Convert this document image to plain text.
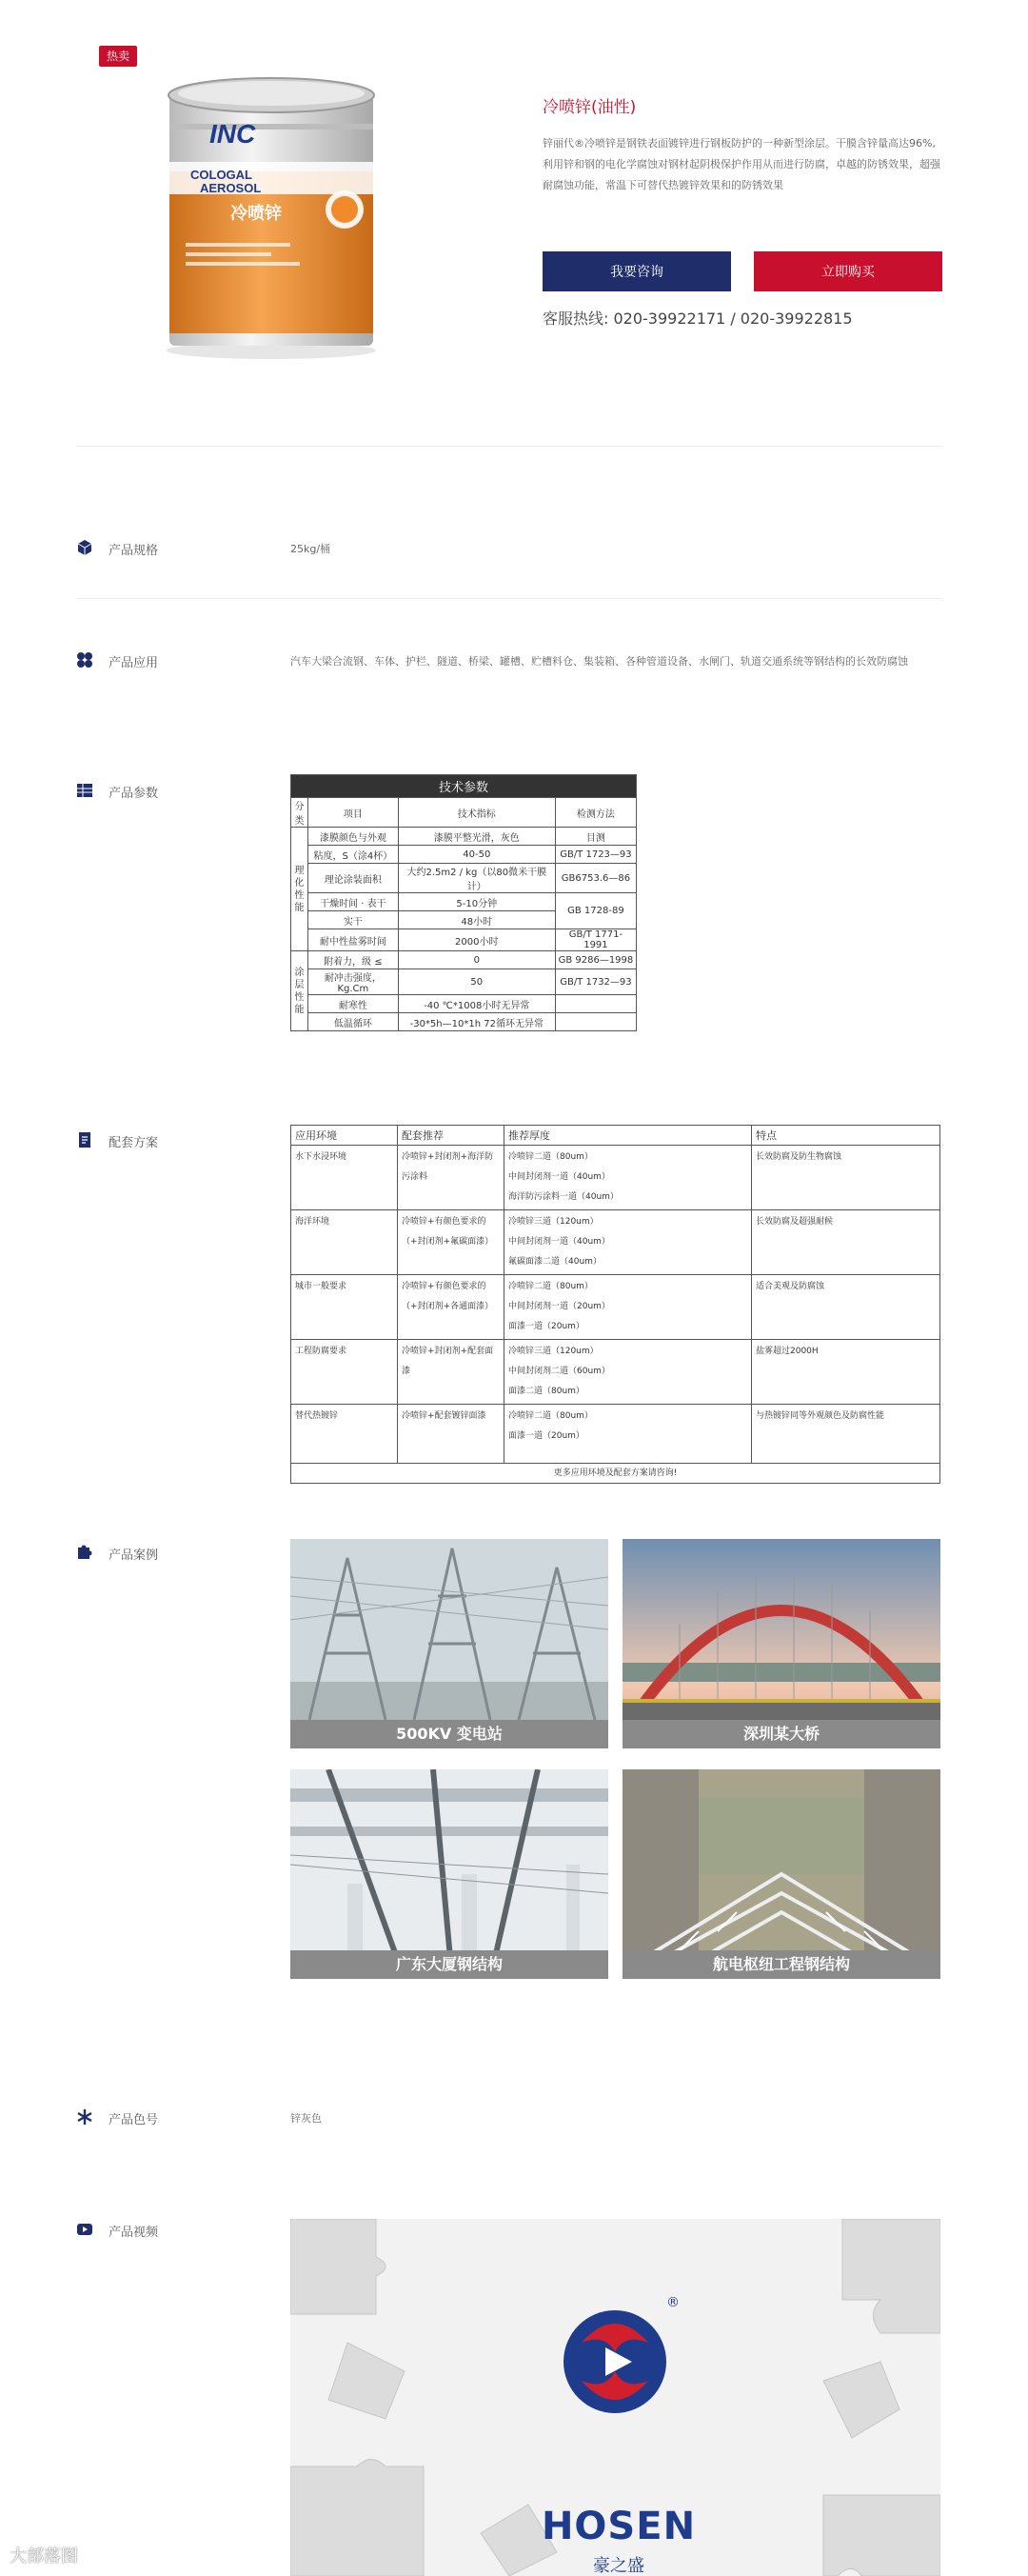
热卖
INC
COLOGAL
AEROSOL
冷喷锌
冷喷锌(油性)
锌丽代®冷喷锌是钢铁表面镀锌进行钢板防护的一种新型涂层。干膜含锌量高达96%,利用锌和钢的电化学腐蚀对钢材起阴极保护作用从而进行防腐，卓越的防锈效果，超强耐腐蚀功能，常温下可替代热镀锌效果和的防锈效果
我要咨询	立即购买
客服热线: 020-39922171 / 020-39922815
产品规格	25kg/桶
产品应用	汽车大梁合流钢、车体、护栏、隧道、桥梁、罐槽、贮槽料仓、集装箱、各种管道设备、水闸门、轨道交通系统等钢结构的长效防腐蚀
产品参数	技术参数			
分类	项目	技术指标	检测方法
理化性能	漆膜颜色与外观	漆膜平整光滑，灰色	目测
	粘度，S（涂4杯）	40-50	GB/T 1723—93
	理论涂装面积	大约2.5m2 / kg（以80微米干膜计）	GB6753.6—86
	干燥时间 · 表干	5-10分钟	GB 1728-89
	实干	48小时	
	耐中性盐雾时间	2000小时	GB/T 1771-1991
涂层性能	附着力，级 ≤	0	GB 9286—1998
	耐冲击强度，Kg.Cm	50	GB/T 1732—93
	耐寒性	-40 ℃*1008小时无异常	
	低温循环	-30*5h—10*1h 72循环无异常	
配套方案
应用环境	配套推荐	推荐厚度	特点
水下水浸环境	冷喷锌+封闭剂+海洋防污涂料	冷喷锌二道（80um）
中间封闭剂一道（40um）
海洋防污涂料一道（40um）	长效防腐及防生物腐蚀
海洋环境	冷喷锌+有颜色要求的（+封闭剂+氟碳面漆）	冷喷锌三道（120um）
中间封闭剂一道（40um）
氟碳面漆二道（40um）	长效防腐及超强耐候
城市一般要求	冷喷锌+有颜色要求的（+封闭剂+各通面漆）	冷喷锌二道（80um）
中间封闭剂一道（20um）
面漆一道（20um）	适合美观及防腐蚀
工程防腐要求	冷喷锌+封闭剂+配套面漆	冷喷锌三道（120um）
中间封闭剂二道（60um）
面漆二道（80um）	盐雾超过2000H
替代热镀锌	冷喷锌+配套镀锌面漆	冷喷锌二道（80um）
面漆一道（20um）	与热镀锌同等外观颜色及防腐性能
更多应用环境及配套方案请咨询!			
产品案例
500KV 变电站	深圳某大桥
广东大厦钢结构	航电枢纽工程钢结构
产品色号	锌灰色
产品视频
®
HOSEN
豪之盛
大部落图
